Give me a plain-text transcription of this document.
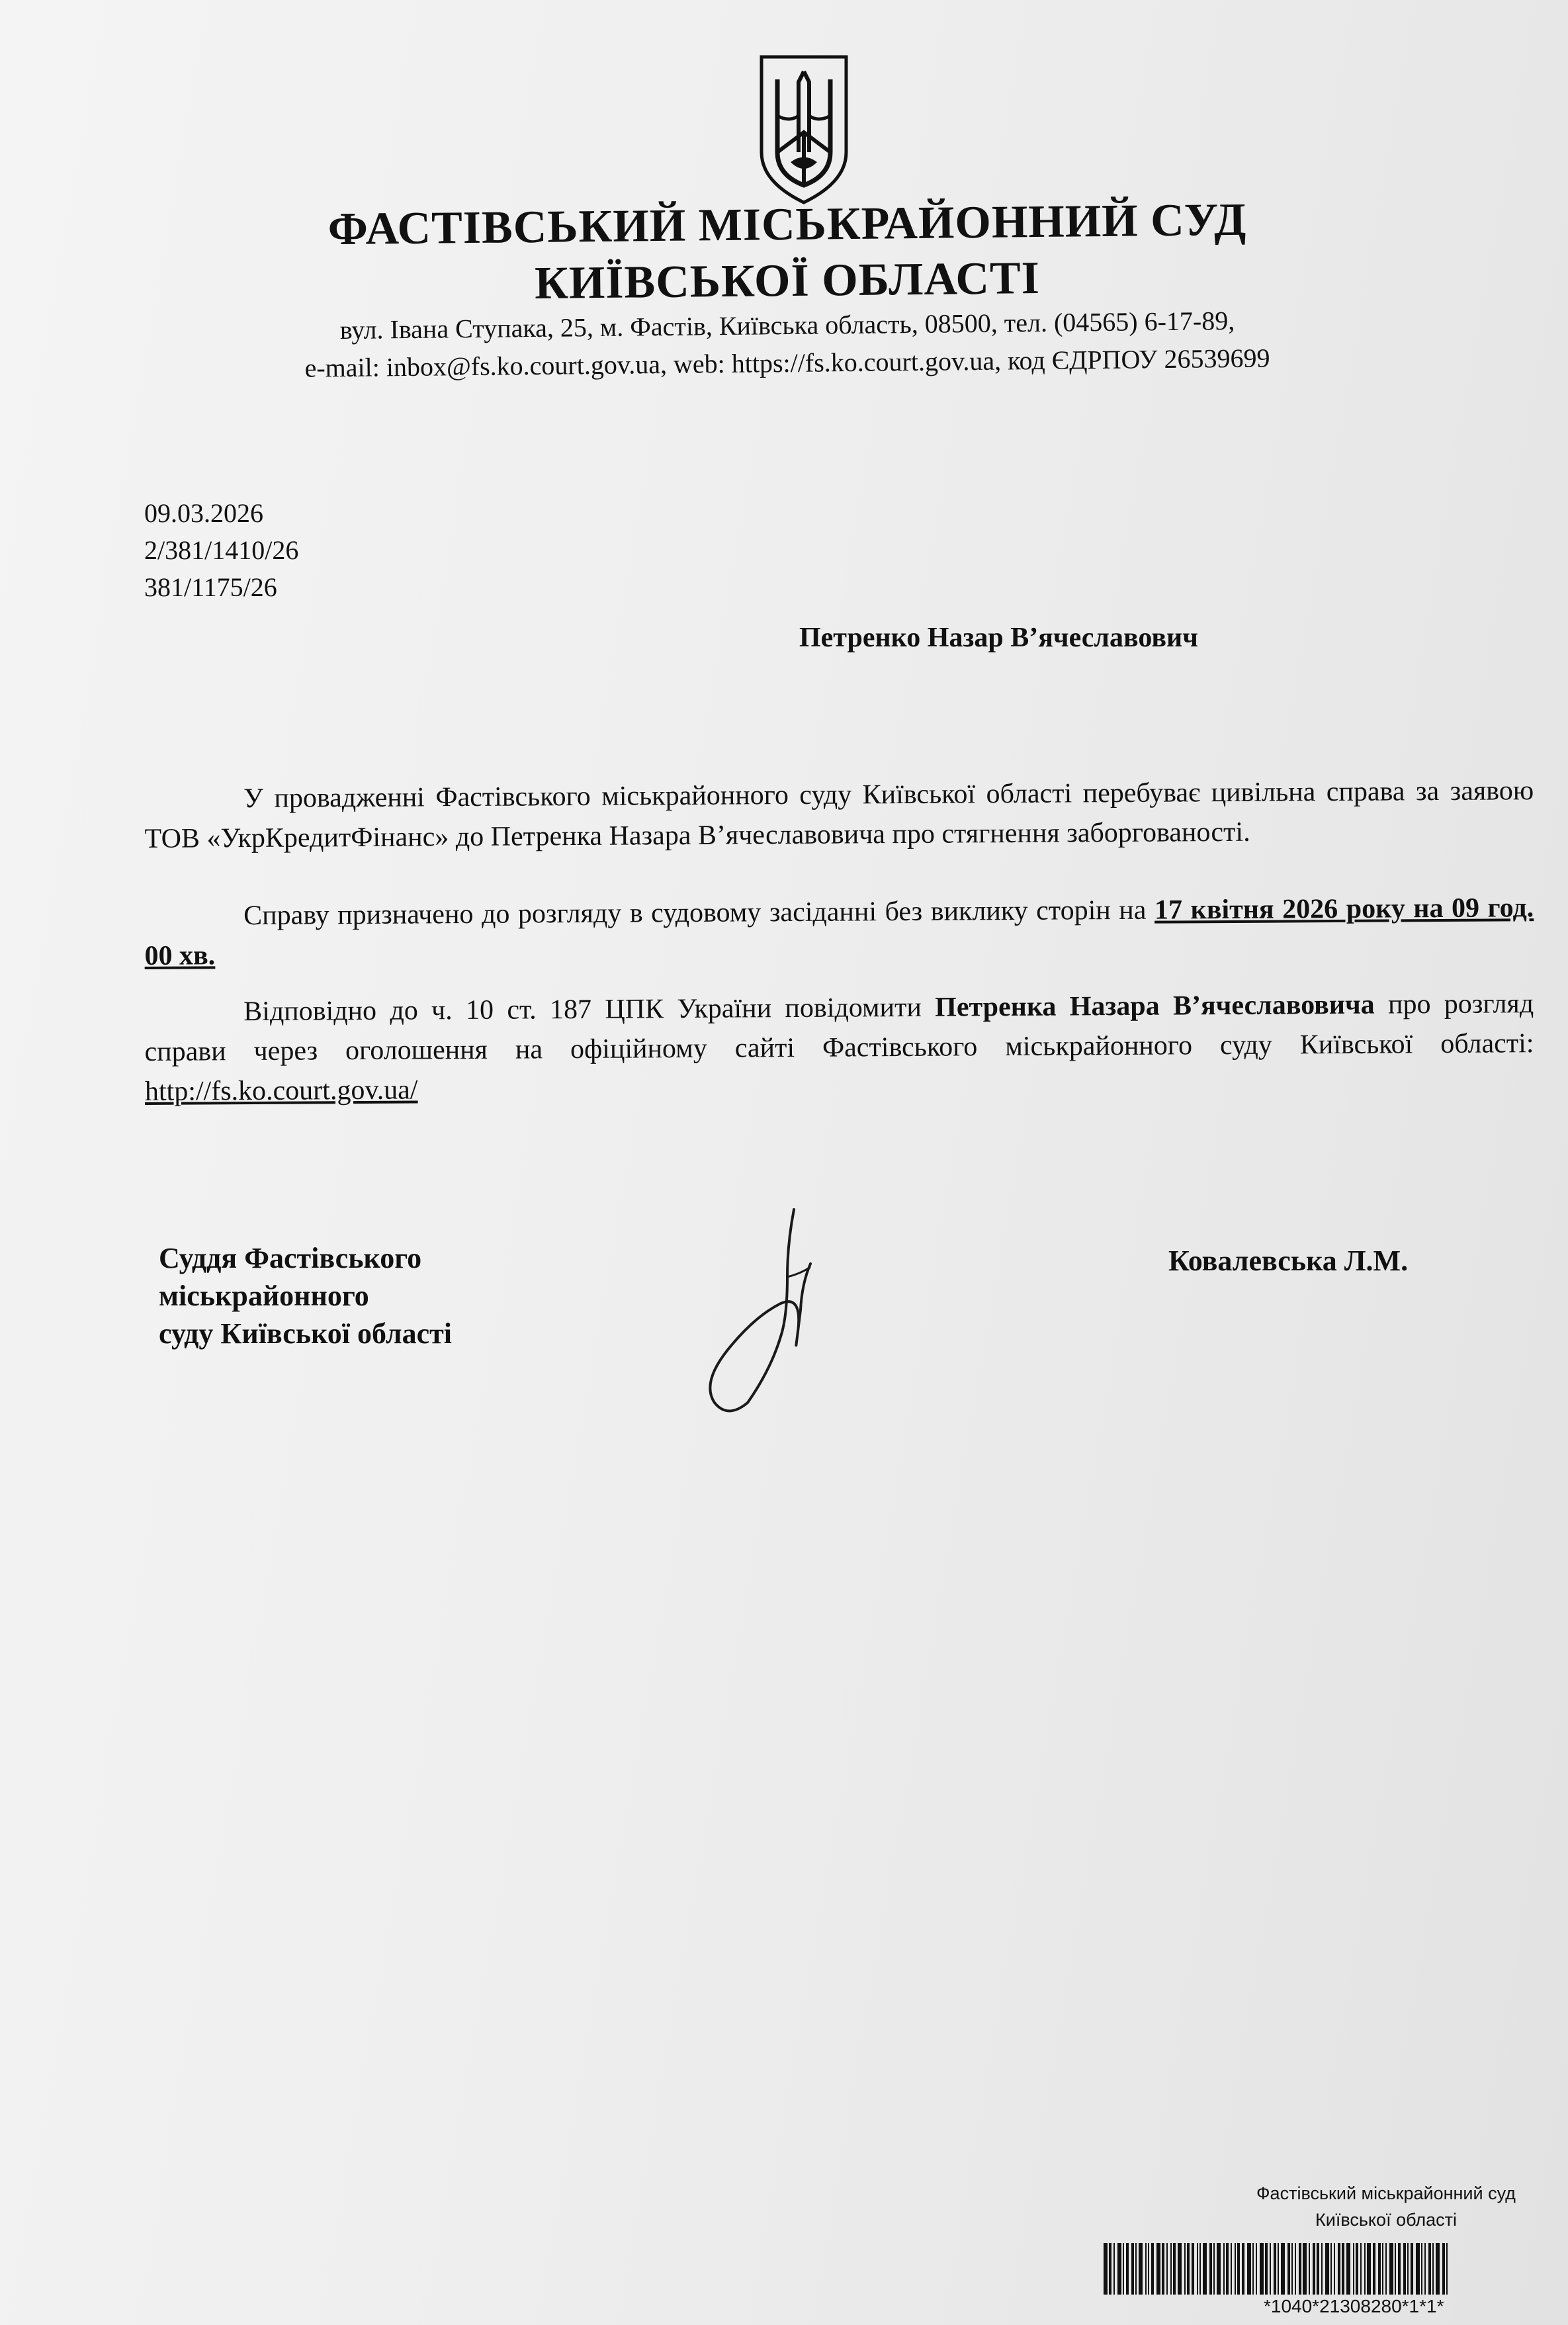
ФАСТІВСЬКИЙ МІСЬКРАЙОННИЙ СУД
КИЇВСЬКОЇ ОБЛАСТІ
вул. Івана Ступака, 25, м. Фастів, Київська область, 08500, тел. (04565) 6-17-89,
e-mail: inbox@fs.ko.court.gov.ua, web: https://fs.ko.court.gov.ua, код ЄДРПОУ 26539699
09.03.2026
2/381/1410/26
381/1175/26
Петренко Назар В’ячеславович
У провадженні Фастівського міськрайонного суду Київської області перебуває цивільна справа за заявою ТОВ «УкрКредитФінанс» до Петренка Назара В’ячеславовича про стягнення заборгованості.
Справу призначено до розгляду в судовому засіданні без виклику сторін на 17 квітня 2026 року на 09 год. 00 хв.
Відповідно до ч. 10 ст. 187 ЦПК України повідомити Петренка Назара В’ячеславовича про розгляд справи через оголошення на офіційному сайті Фастівського міськрайонного суду Київської області: http://fs.ko.court.gov.ua/
Суддя Фастівського
міськрайонного
суду Київської області
Ковалевська Л.М.
Фастівський міськрайонний суд
Київської області
*1040*21308280*1*1*
